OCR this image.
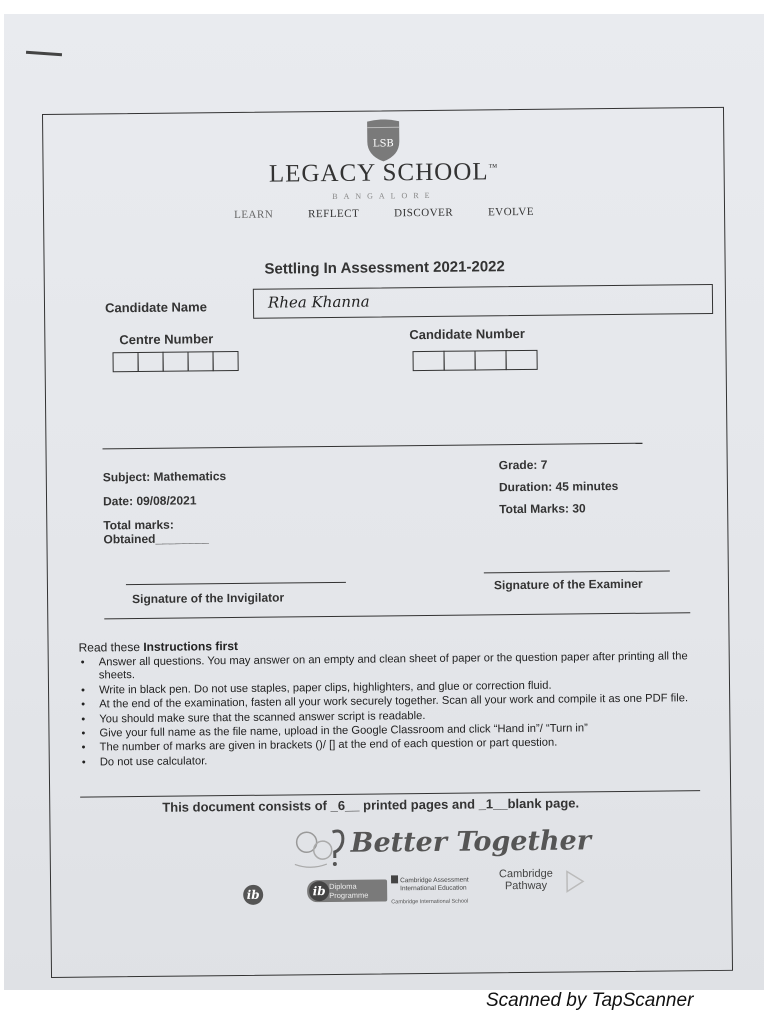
LSB
LEGACY SCHOOL™
BANGALORE
LEARN	REFLECT	DISCOVER	EVOLVE
Settling In Assessment 2021-2022
Candidate Name	Rhea Khanna
Centre Number	Candidate Number
Subject: Mathematics
Date: 09/08/2021
Total marks:
Obtained________
Grade: 7
Duration: 45 minutes
Total Marks: 30
Signature of the Invigilator
Signature of the Examiner
Read these Instructions first
• Answer all questions. You may answer on an empty and clean sheet of paper or the question paper after printing all the sheets.
• Write in black pen. Do not use staples, paper clips, highlighters, and glue or correction fluid.
• At the end of the examination, fasten all your work securely together. Scan all your work and compile it as one PDF file.
• You should make sure that the scanned answer script is readable.
• Give your full name as the file name, upload in the Google Classroom and click “Hand in”/ “Turn in”
• The number of marks are given in brackets ()/ [] at the end of each question or part question.
• Do not use calculator.
This document consists of _6__ printed pages and _1__blank page.
Better Together
ib	ib Diploma
Programme
Cambridge Assessment
International Education
Cambridge International School
Cambridge
Pathway
Scanned by TapScanner
